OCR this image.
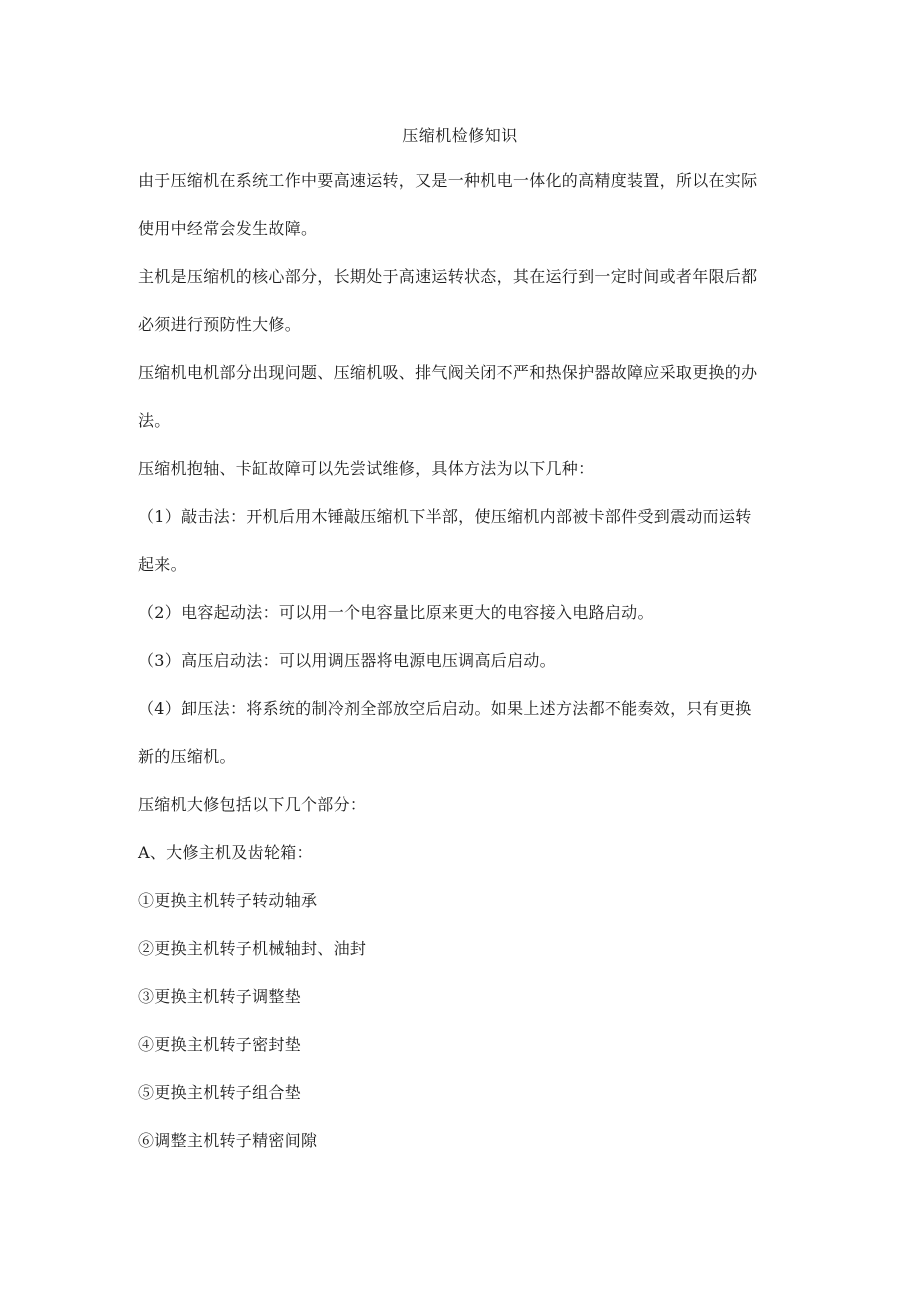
压缩机检修知识
由于压缩机在系统工作中要高速运转，又是一种机电一体化的高精度装置，所以在实际
使用中经常会发生故障。
主机是压缩机的核心部分，长期处于高速运转状态，其在运行到一定时间或者年限后都
必须进行预防性大修。
压缩机电机部分出现问题、压缩机吸、排气阀关闭不严和热保护器故障应采取更换的办
法。
压缩机抱轴、卡缸故障可以先尝试维修，具体方法为以下几种：
（1）敲击法：开机后用木锤敲压缩机下半部，使压缩机内部被卡部件受到震动而运转
起来。
（2）电容起动法：可以用一个电容量比原来更大的电容接入电路启动。
（3）高压启动法：可以用调压器将电源电压调高后启动。
（4）卸压法：将系统的制冷剂全部放空后启动。如果上述方法都不能奏效，只有更换
新的压缩机。
压缩机大修包括以下几个部分：
A、大修主机及齿轮箱：
①更换主机转子转动轴承
②更换主机转子机械轴封、油封
③更换主机转子调整垫
④更换主机转子密封垫
⑤更换主机转子组合垫
⑥调整主机转子精密间隙
